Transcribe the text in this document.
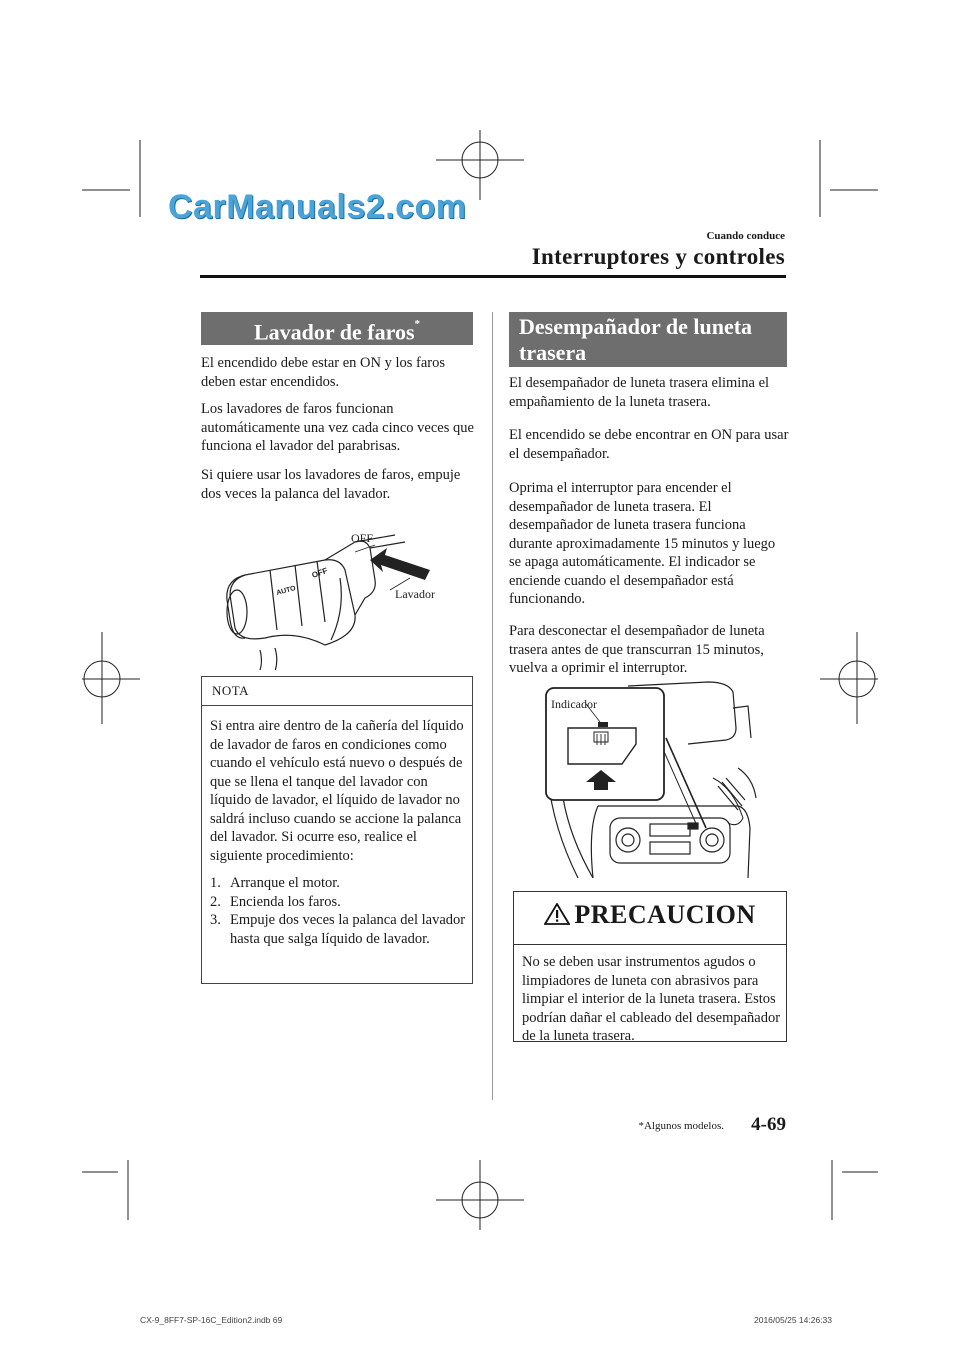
CarManuals2.com
Cuando conduce
Interruptores y controles
Lavador de faros*
El encendido debe estar en ON y los faros deben estar encendidos.
Los lavadores de faros funcionan automáticamente una vez cada cinco veces que funciona el lavador del parabrisas.
Si quiere usar los lavadores de faros, empuje dos veces la palanca del lavador.
OFF
AUTO
OFF
Lavador
NOTA
Si entra aire dentro de la cañería del líquido de lavador de faros en condiciones como cuando el vehículo está nuevo o después de que se llena el tanque del lavador con líquido de lavador, el líquido de lavador no saldrá incluso cuando se accione la palanca del lavador. Si ocurre eso, realice el siguiente procedimiento:
1. Arranque el motor.
2. Encienda los faros.
3. Empuje dos veces la palanca del lavador hasta que salga líquido de lavador.
Desempañador de luneta trasera
El desempañador de luneta trasera elimina el empañamiento de la luneta trasera.
El encendido se debe encontrar en ON para usar el desempañador.
Oprima el interruptor para encender el desempañador de luneta trasera. El desempañador de luneta trasera funciona durante aproximadamente 15 minutos y luego se apaga automáticamente. El indicador se enciende cuando el desempañador está funcionando.
Para desconectar el desempañador de luneta trasera antes de que transcurran 15 minutos, vuelva a oprimir el interruptor.
Indicador
PRECAUCION
No se deben usar instrumentos agudos o limpiadores de luneta con abrasivos para limpiar el interior de la luneta trasera. Estos podrían dañar el cableado del desempañador de la luneta trasera.
*Algunos modelos. 4-69
CX-9_8FF7-SP-16C_Edition2.indb 69	2016/05/25 14:26:33
